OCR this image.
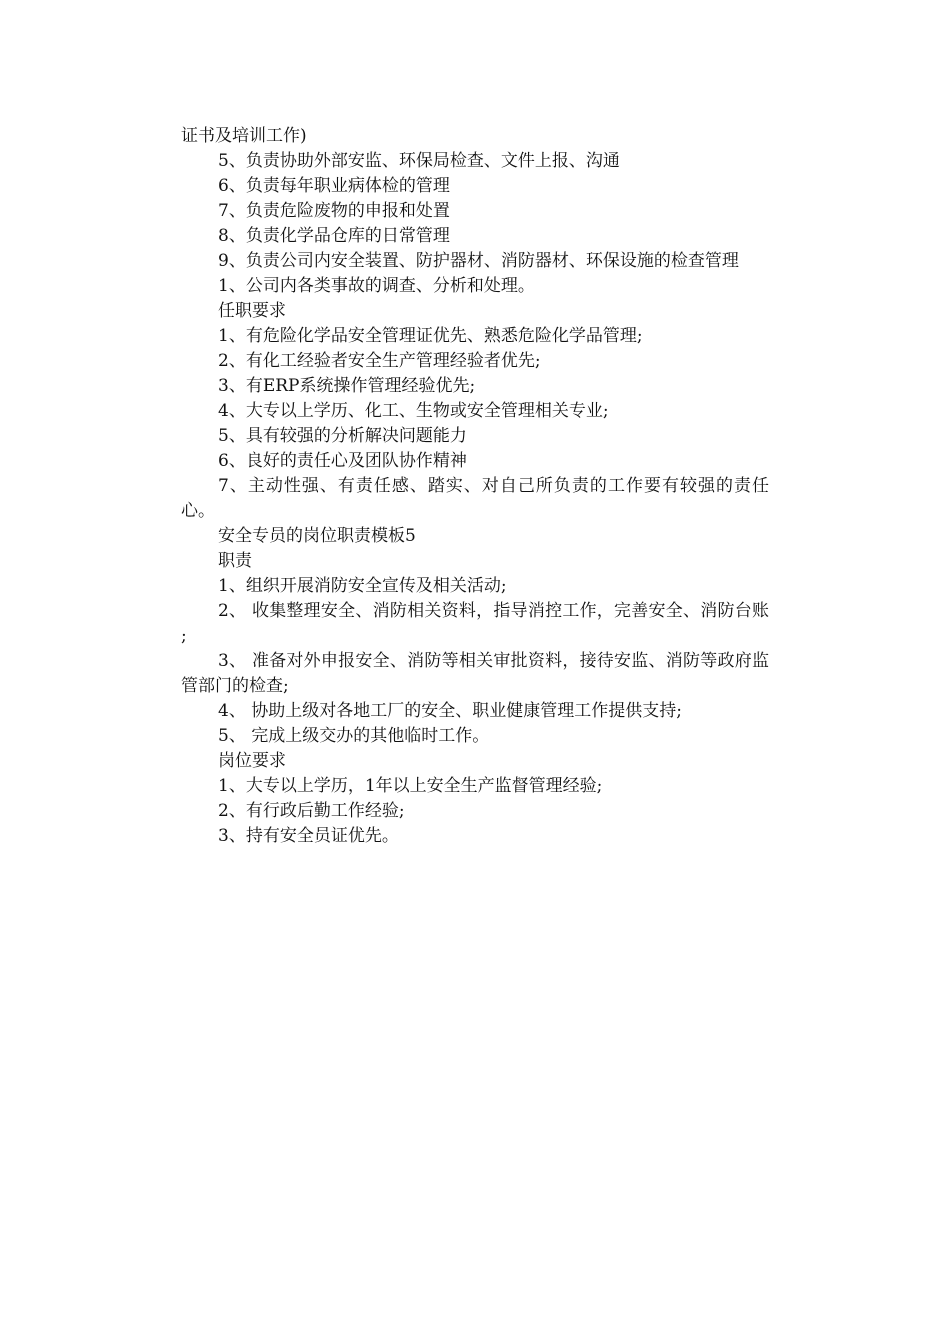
证书及培训工作)

5、负责协助外部安监、环保局检查、文件上报、沟通

6、负责每年职业病体检的管理

7、负责危险废物的申报和处置

8、负责化学品仓库的日常管理

9、负责公司内安全装置、防护器材、消防器材、环保设施的检查管理

1、公司内各类事故的调查、分析和处理。

任职要求

1、有危险化学品安全管理证优先、熟悉危险化学品管理;

2、有化工经验者安全生产管理经验者优先;

3、有ERP系统操作管理经验优先;

4、大专以上学历、化工、生物或安全管理相关专业;

5、具有较强的分析解决问题能力

6、良好的责任心及团队协作精神

7、主动性强、有责任感、踏实、对自己所负责的工作要有较强的责任心。

安全专员的岗位职责模板5

职责

1、组织开展消防安全宣传及相关活动;

2、 收集整理安全、消防相关资料，指导消控工作，完善安全、消防台账 ;

3、 准备对外申报安全、消防等相关审批资料，接待安监、消防等政府监管部门的检查;

4、 协助上级对各地工厂的安全、职业健康管理工作提供支持;

5、 完成上级交办的其他临时工作。

岗位要求

1、大专以上学历，1年以上安全生产监督管理经验;

2、有行政后勤工作经验;

3、持有安全员证优先。
